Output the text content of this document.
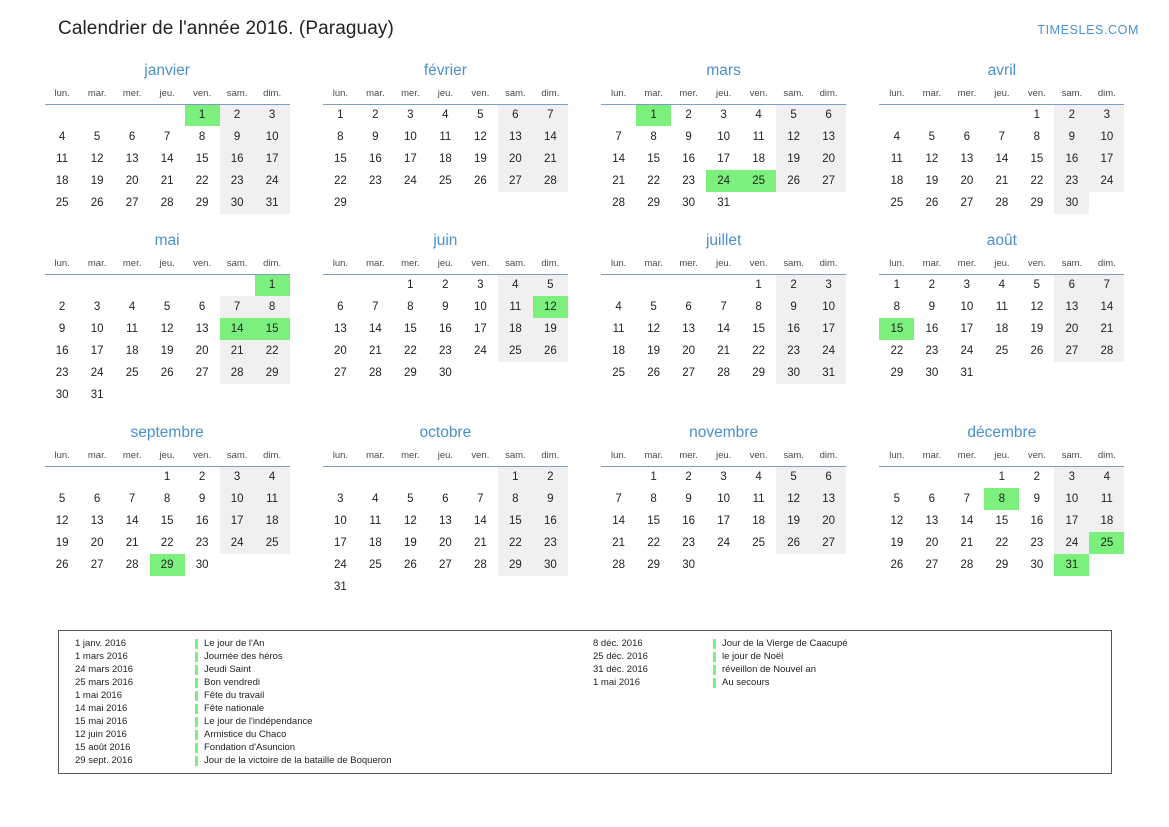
Calendrier de l'année 2016. (Paraguay)	TIMESLES.COM
janvier
lun.	mar.	mer.	jeu.	ven.	sam.	dim.
				1	2	3
4	5	6	7	8	9	10
11	12	13	14	15	16	17
18	19	20	21	22	23	24
25	26	27	28	29	30	31
février
lun.	mar.	mer.	jeu.	ven.	sam.	dim.
1	2	3	4	5	6	7
8	9	10	11	12	13	14
15	16	17	18	19	20	21
22	23	24	25	26	27	28
29						
mars
lun.	mar.	mer.	jeu.	ven.	sam.	dim.
	1	2	3	4	5	6
7	8	9	10	11	12	13
14	15	16	17	18	19	20
21	22	23	24	25	26	27
28	29	30	31			
avril
lun.	mar.	mer.	jeu.	ven.	sam.	dim.
				1	2	3
4	5	6	7	8	9	10
11	12	13	14	15	16	17
18	19	20	21	22	23	24
25	26	27	28	29	30	
mai
lun.	mar.	mer.	jeu.	ven.	sam.	dim.
						1
2	3	4	5	6	7	8
9	10	11	12	13	14	15
16	17	18	19	20	21	22
23	24	25	26	27	28	29
30	31					
juin
lun.	mar.	mer.	jeu.	ven.	sam.	dim.
		1	2	3	4	5
6	7	8	9	10	11	12
13	14	15	16	17	18	19
20	21	22	23	24	25	26
27	28	29	30			
juillet
lun.	mar.	mer.	jeu.	ven.	sam.	dim.
				1	2	3
4	5	6	7	8	9	10
11	12	13	14	15	16	17
18	19	20	21	22	23	24
25	26	27	28	29	30	31
août
lun.	mar.	mer.	jeu.	ven.	sam.	dim.
1	2	3	4	5	6	7
8	9	10	11	12	13	14
15	16	17	18	19	20	21
22	23	24	25	26	27	28
29	30	31				
septembre
lun.	mar.	mer.	jeu.	ven.	sam.	dim.
			1	2	3	4
5	6	7	8	9	10	11
12	13	14	15	16	17	18
19	20	21	22	23	24	25
26	27	28	29	30		
octobre
lun.	mar.	mer.	jeu.	ven.	sam.	dim.
					1	2
3	4	5	6	7	8	9
10	11	12	13	14	15	16
17	18	19	20	21	22	23
24	25	26	27	28	29	30
31						
novembre
lun.	mar.	mer.	jeu.	ven.	sam.	dim.
	1	2	3	4	5	6
7	8	9	10	11	12	13
14	15	16	17	18	19	20
21	22	23	24	25	26	27
28	29	30				
décembre
lun.	mar.	mer.	jeu.	ven.	sam.	dim.
			1	2	3	4
5	6	7	8	9	10	11
12	13	14	15	16	17	18
19	20	21	22	23	24	25
26	27	28	29	30	31	
1 janv. 2016	Le jour de l'An
1 mars 2016	Journée des héros
24 mars 2016	Jeudi Saint
25 mars 2016	Bon vendredi
1 mai 2016	Fête du travail
14 mai 2016	Fête nationale
15 mai 2016	Le jour de l'indépendance
12 juin 2016	Armistice du Chaco
15 août 2016	Fondation d'Asuncion
29 sept. 2016	Jour de la victoire de la bataille de Boqueron
8 déc. 2016	Jour de la Vierge de Caacupé
25 déc. 2016	le jour de Noël
31 déc. 2016	réveillon de Nouvel an
1 mai 2016	Au secours
